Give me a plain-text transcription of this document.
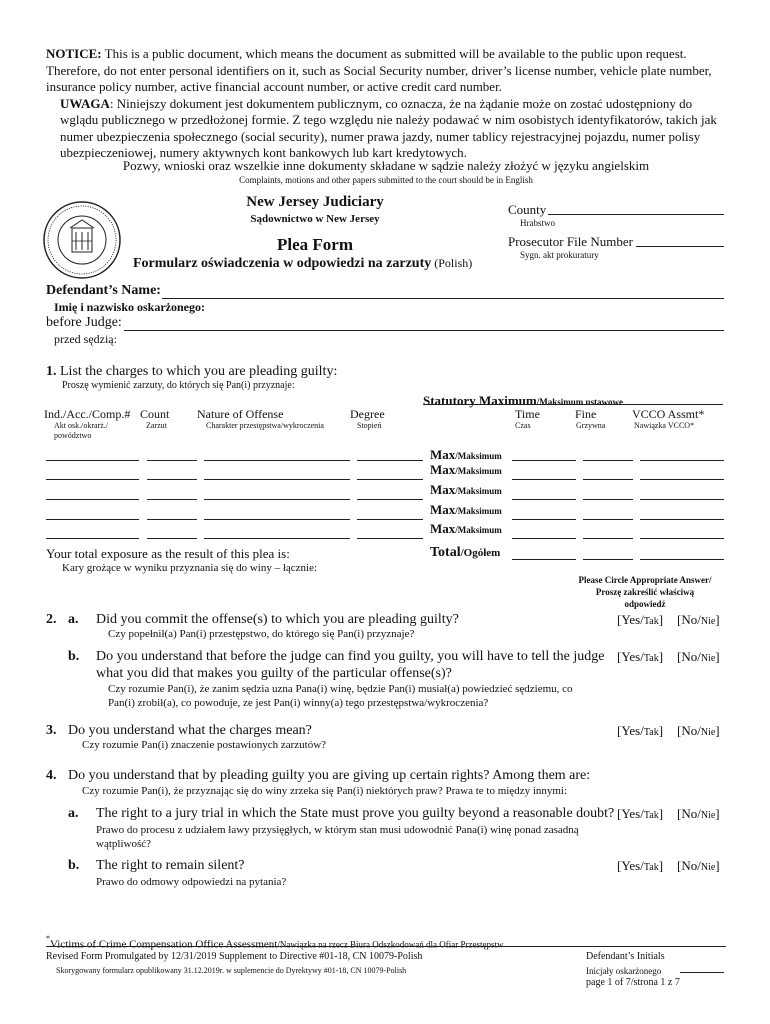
NOTICE: This is a public document, which means the document as submitted will be available to the public upon request. Therefore, do not enter personal identifiers on it, such as Social Security number, driver’s license number, vehicle plate number, insurance policy number, active financial account number, or active credit card number.

UWAGA: Niniejszy dokument jest dokumentem publicznym, co oznacza, że na żądanie może on zostać udostępniony do wglądu publicznego w przedłożonej formie. Z tego względu nie należy podawać w nim osobistych identyfikatorów, takich jak numer ubezpieczenia społecznego (social security), numer prawa jazdy, numer tablicy rejestracyjnej pojazdu, numer polisy ubezpieczeniowej, numery aktywnych kont bankowych lub kart kredytowych.

Pozwy, wnioski oraz wszelkie inne dokumenty składane w sądzie należy złożyć w języku angielskim
Complaints, motions and other papers submitted to the court should be in English
New Jersey Judiciary
Sądownictwo w New Jersey
Plea Form
Formularz oświadczenia w odpowiedzi na zarzuty (Polish)
County
Hrabstwo
Prosecutor File Number
Sygn. akt prokuratury
Defendant’s Name:
Imię i nazwisko oskarżonego:
before Judge:
przed sędzią:
1. List the charges to which you are pleading guilty:
Proszę wymienić zarzuty, do których się Pan(i) przyznaje:
Statutory Maximum/Maksimum ustawowe
Ind./Acc./Comp.#
Akt osk./okrarż./
powództwo
Count
Zarzut
Nature of Offense
Charakter przestępstwa/wykroczenia
Degree
Stopień
Time
Czas
Fine
Grzywna
VCCO Assmt*
Nawiązka VCCO*
Max/Maksimum
Max/Maksimum
Max/Maksimum
Max/Maksimum
Max/Maksimum
Your total exposure as the result of this plea is:
Kary grożące w wyniku przyznania się do winy – łącznie:
Total/Ogółem
Please Circle Appropriate Answer/
Proszę zakreślić właściwą
odpowiedź
2. a. Did you commit the offense(s) to which you are pleading guilty?
Czy popełnił(a) Pan(i) przestępstwo, do którego się Pan(i) przyznaje?
[Yes/Tak] [No/Nie]
b. Do you understand that before the judge can find you guilty, you will have to tell the judge
what you did that makes you guilty of the particular offense(s)?
Czy rozumie Pan(i), że zanim sędzia uzna Pana(i) winę, będzie Pan(i) musiał(a) powiedzieć sędziemu, co
Pan(i) zrobił(a), co powoduje, ze jest Pan(i) winny(a) tego przestępstwa/wykroczenia?
[Yes/Tak] [No/Nie]
3. Do you understand what the charges mean?
Czy rozumie Pan(i) znaczenie postawionych zarzutów?
[Yes/Tak] [No/Nie]
4. Do you understand that by pleading guilty you are giving up certain rights? Among them are:
Czy rozumie Pan(i), że przyznając się do winy zrzeka się Pan(i) niektórych praw? Prawa te to między innymi:
a. The right to a jury trial in which the State must prove you guilty beyond a reasonable doubt?
Prawo do procesu z udziałem ławy przysięgłych, w którym stan musi udowodnić Pana(i) winę ponad zasadną
wątpliwość?
[Yes/Tak] [No/Nie]
b. The right to remain silent?
Prawo do odmowy odpowiedzi na pytania?
[Yes/Tak] [No/Nie]
*Victims of Crime Compensation Office Assessment/Nawiązka na rzecz Biura Odszkodowań dla Ofiar Przestępstw
Revised Form Promulgated by 12/31/2019 Supplement to Directive #01-18, CN 10079-Polish
Skorygowany formularz opublikowany 31.12.2019r. w suplemencie do Dyrektywy #01-18, CN 10079-Polish
Defendant’s Initials
Inicjały oskarżonego
page 1 of 7/strona 1 z 7
